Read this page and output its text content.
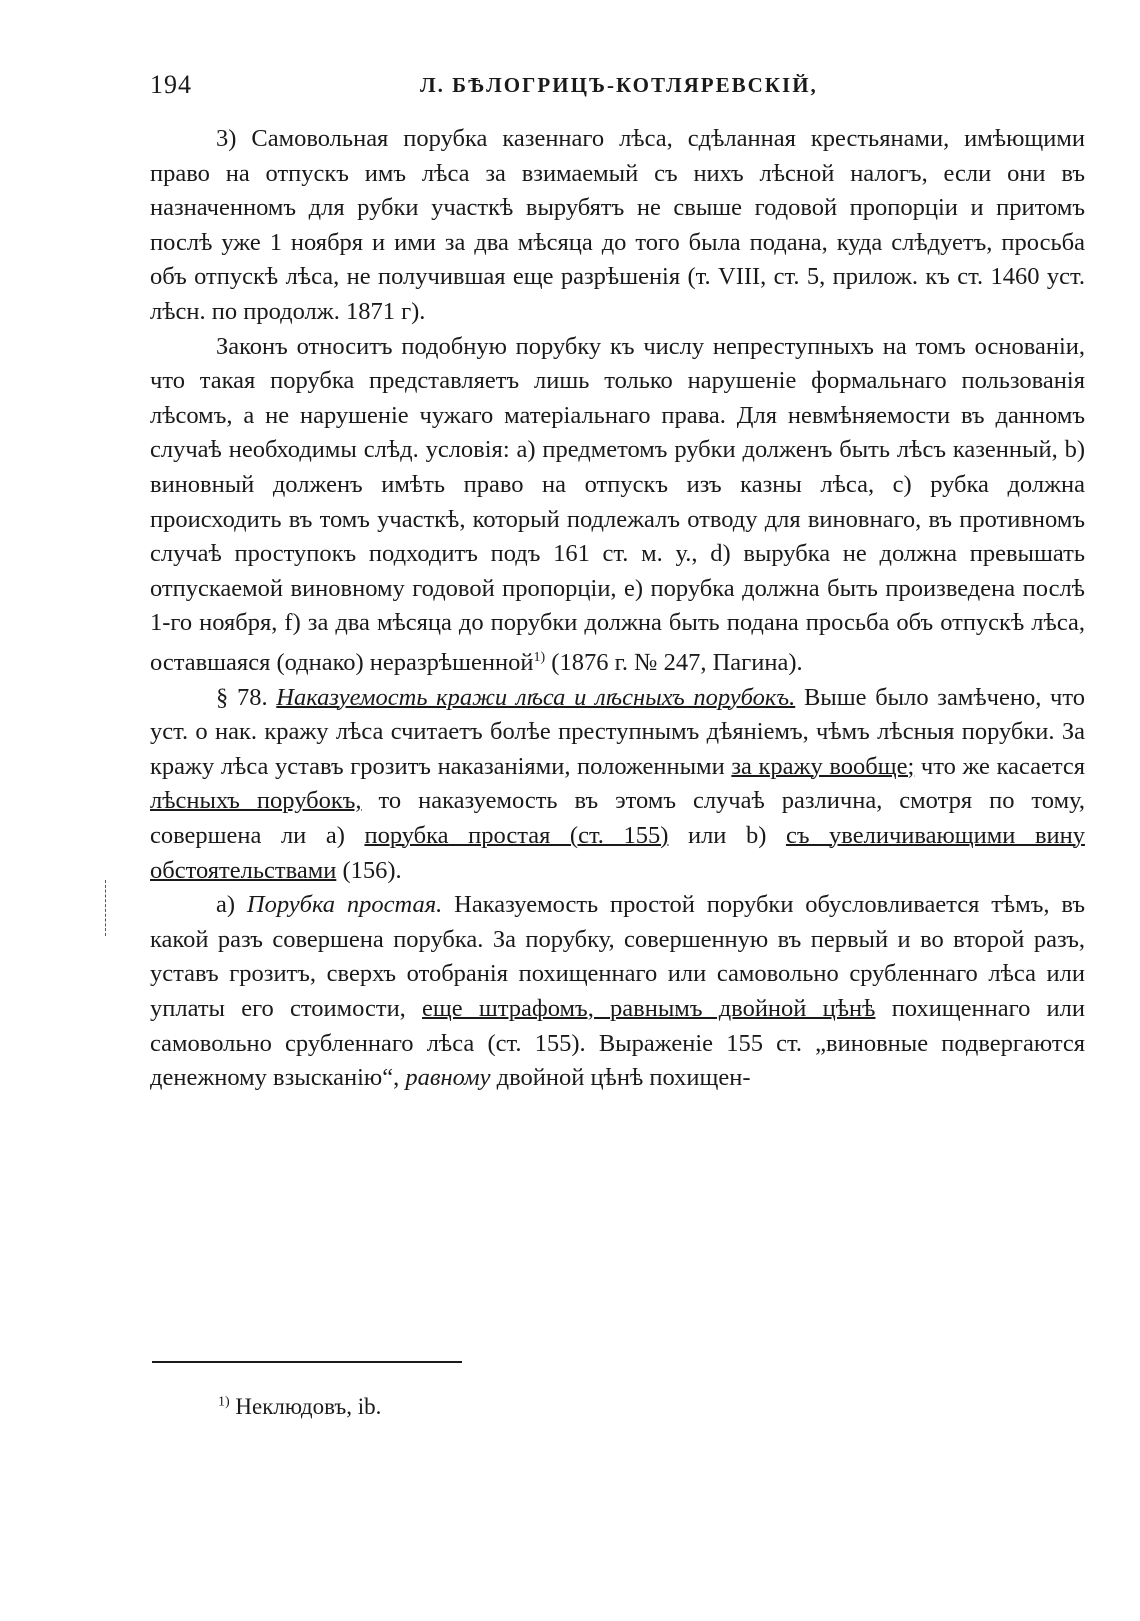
194	Л. БѢЛОГРИЦЪ-КОТЛЯРЕВСКІЙ,

3) Самовольная порубка казеннаго лѣса, сдѣланная крестьянами, имѣющими право на отпускъ имъ лѣса за взимаемый съ нихъ лѣсной налогъ, если они въ назначенномъ для рубки участкѣ вырубятъ не свыше годовой пропорціи и притомъ послѣ уже 1 ноября и ими за два мѣсяца до того была подана, куда слѣдуетъ, просьба объ отпускѣ лѣса, не получившая еще разрѣшенія (т. VIII, ст. 5, прилож. къ ст. 1460 уст. лѣсн. по продолж. 1871 г).

Законъ относитъ подобную порубку къ числу непреступныхъ на томъ основаніи, что такая порубка представляетъ лишь только нарушеніе формальнаго пользованія лѣсомъ, а не нарушеніе чужаго матеріальнаго права. Для невмѣняемости въ данномъ случаѣ необходимы слѣд. условія: а) предметомъ рубки долженъ быть лѣсъ казенный, b) виновный долженъ имѣть право на отпускъ изъ казны лѣса, c) рубка должна происходить въ томъ участкѣ, который подлежалъ отводу для виновнаго, въ противномъ случаѣ проступокъ подходитъ подъ 161 ст. м. у., d) вырубка не должна превышать отпускаемой виновному годовой пропорціи, e) порубка должна быть произведена послѣ 1-го ноября, f) за два мѣсяца до порубки должна быть подана просьба объ отпускѣ лѣса, оставшаяся (однако) неразрѣшенной$^{1)}$ (1876 г. № 247, Пагина).

§ 78. Наказуемость кражи лѣса и лѣсныхъ порубокъ. Выше было замѣчено, что уст. о нак. кражу лѣса считаетъ болѣе преступнымъ дѣяніемъ, чѣмъ лѣсныя порубки. За кражу лѣса уставъ грозитъ наказаніями, положенными за кражу вообще; что же касается лѣсныхъ порубокъ, то наказуемость въ этомъ случаѣ различна, смотря по тому, совершена ли a) порубка простая (ст. 155) или b) съ увеличивающими вину обстоятельствами (156).

a) Порубка простая. Наказуемость простой порубки обусловливается тѣмъ, въ какой разъ совершена порубка. За порубку, совершенную въ первый и во второй разъ, уставъ грозитъ, сверхъ отобранія похищеннаго или самовольно срубленнаго лѣса или уплаты его стоимости, еще штрафомъ, равнымъ двойной цѣнѣ похищеннаго или самовольно срубленнаго лѣса (ст. 155). Выраженіе 155 ст. „виновные подвергаются денежному взысканію“, равному двойной цѣнѣ похищен-

$^{1)}$ Неклюдовъ, ib.
